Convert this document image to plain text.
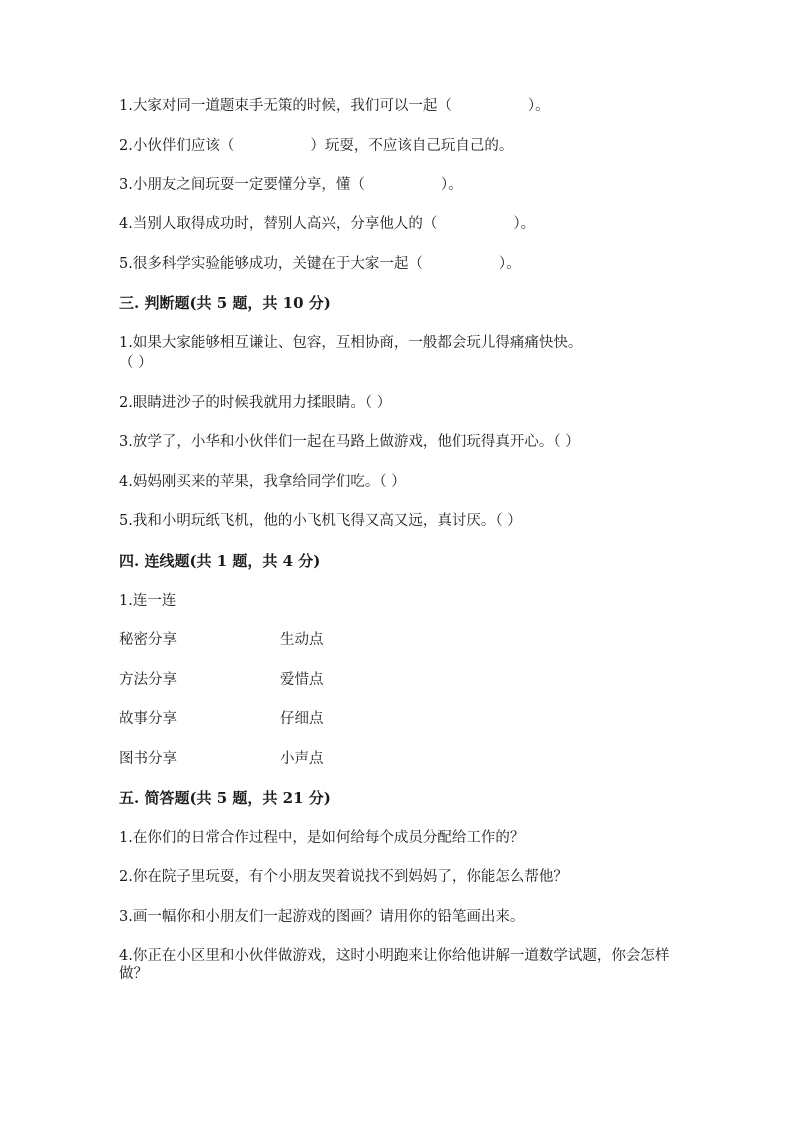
1.大家对同一道题束手无策的时候，我们可以一起（	）。
2.小伙伴们应该（	）玩耍，不应该自己玩自己的。
3.小朋友之间玩耍一定要懂分享，懂（	）。
4.当别人取得成功时，替别人高兴，分享他人的（	）。
5.很多科学实验能够成功，关键在于大家一起（	）。
三. 判断题(共 5 题，共 10 分)
1.如果大家能够相互谦让、包容，互相协商，一般都会玩儿得痛痛快快。
（ ）
2.眼睛进沙子的时候我就用力揉眼睛。（ ）
3.放学了，小华和小伙伴们一起在马路上做游戏，他们玩得真开心。（ ）
4.妈妈刚买来的苹果，我拿给同学们吃。（ ）
5.我和小明玩纸飞机，他的小飞机飞得又高又远，真讨厌。（ ）
四. 连线题(共 1 题，共 4 分)
1.连一连
秘密分享	生动点
方法分享	爱惜点
故事分享	仔细点
图书分享	小声点
五. 简答题(共 5 题，共 21 分)
1.在你们的日常合作过程中，是如何给每个成员分配给工作的？
2.你在院子里玩耍，有个小朋友哭着说找不到妈妈了，你能怎么帮他？
3.画一幅你和小朋友们一起游戏的图画？请用你的铅笔画出来。
4.你正在小区里和小伙伴做游戏，这时小明跑来让你给他讲解一道数学试题，你会怎样做？
